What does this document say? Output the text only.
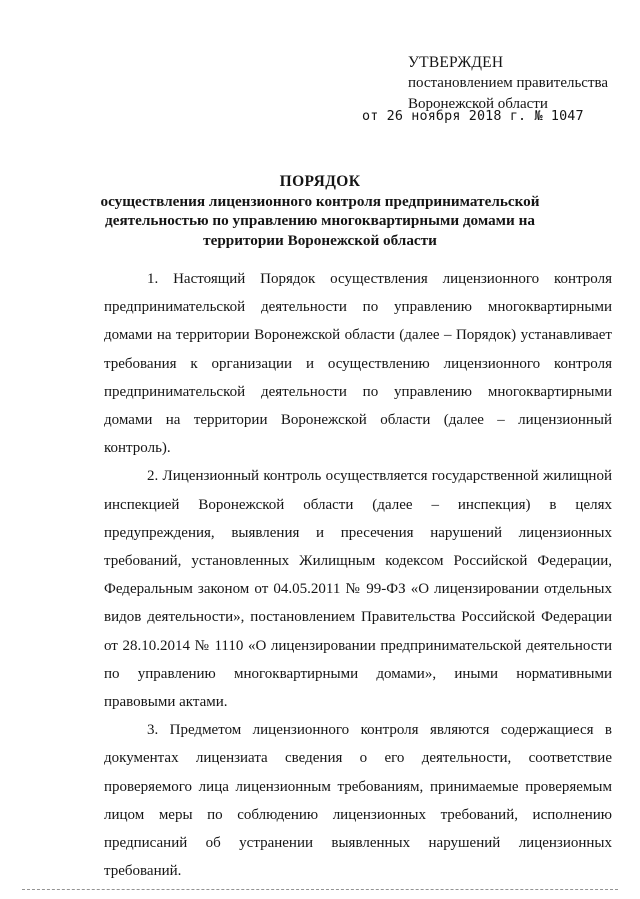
УТВЕРЖДЕН
постановлением правительства
Воронежской области
от 26 ноября 2018 г. № 1047
ПОРЯДОК
осуществления лицензионного контроля предпринимательской деятельностью по управлению многоквартирными домами на территории Воронежской области

1. Настоящий Порядок осуществления лицензионного контроля предпринимательской деятельности по управлению многоквартирными домами на территории Воронежской области (далее – Порядок) устанавливает требования к организации и осуществлению лицензионного контроля предпринимательской деятельности по управлению многоквартирными домами на территории Воронежской области (далее – лицензионный контроль).

2. Лицензионный контроль осуществляется государственной жилищной инспекцией Воронежской области (далее – инспекция) в целях предупреждения, выявления и пресечения нарушений лицензионных требований, установленных Жилищным кодексом Российской Федерации, Федеральным законом от 04.05.2011 № 99-ФЗ «О лицензировании отдельных видов деятельности», постановлением Правительства Российской Федерации от 28.10.2014 № 1110 «О лицензировании предпринимательской деятельности по управлению многоквартирными домами», иными нормативными правовыми актами.

3. Предметом лицензионного контроля являются содержащиеся в документах лицензиата сведения о его деятельности, соответствие проверяемого лица лицензионным требованиям, принимаемые проверяемым лицом меры по соблюдению лицензионных требований, исполнению предписаний об устранении выявленных нарушений лицензионных требований.
